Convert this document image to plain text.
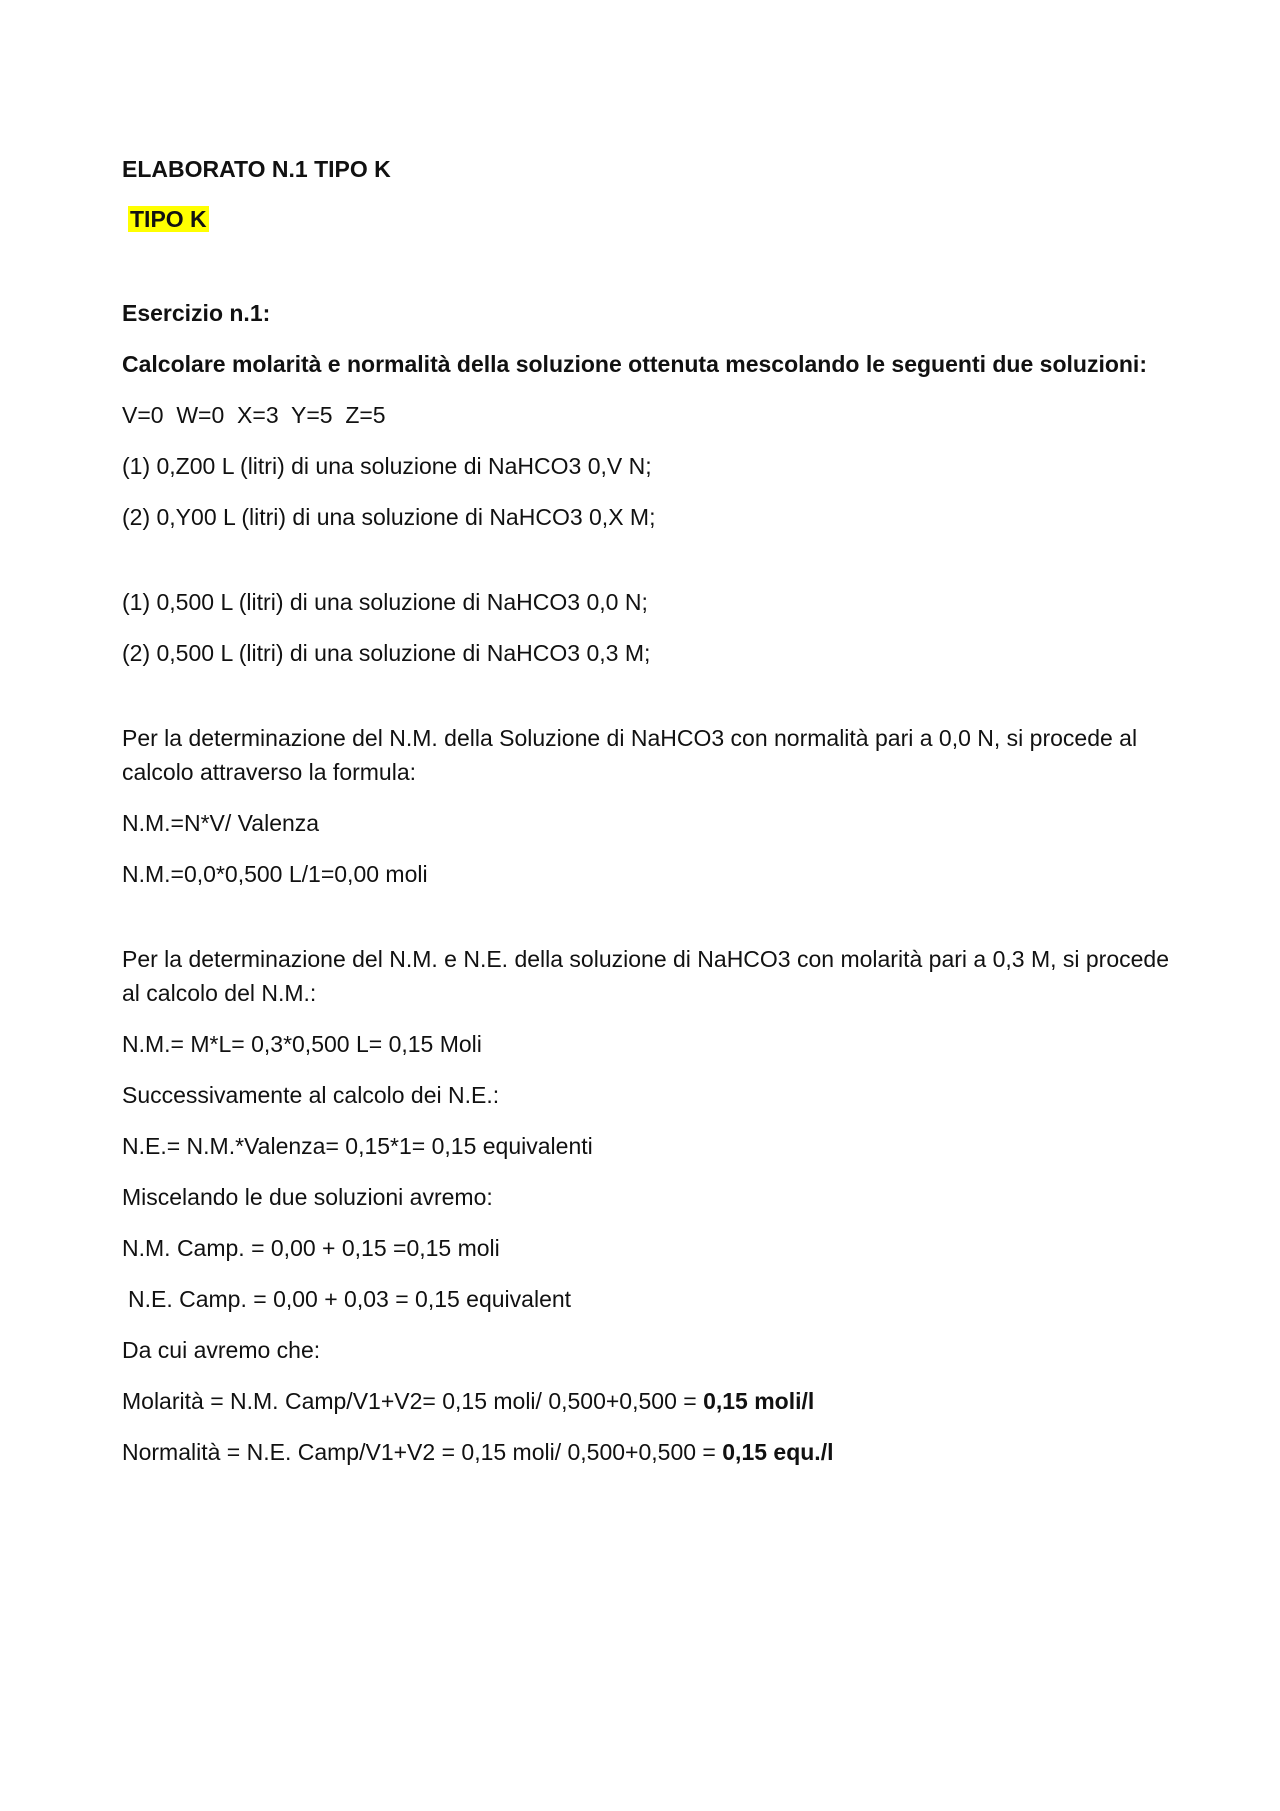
ELABORATO N.1 TIPO K

TIPO K

Esercizio n.1:

Calcolare molarità e normalità della soluzione ottenuta mescolando le seguenti due soluzioni:

V=0  W=0  X=3  Y=5  Z=5

(1) 0,Z00 L (litri) di una soluzione di NaHCO3 0,V N;

(2) 0,Y00 L (litri) di una soluzione di NaHCO3 0,X M;

(1) 0,500 L (litri) di una soluzione di NaHCO3 0,0 N;

(2) 0,500 L (litri) di una soluzione di NaHCO3 0,3 M;

Per la determinazione del N.M. della Soluzione di NaHCO3 con normalità pari a 0,0 N, si procede al calcolo attraverso la formula:

N.M.=N*V/ Valenza

N.M.=0,0*0,500 L/1=0,00 moli

Per la determinazione del N.M. e N.E. della soluzione di NaHCO3 con molarità pari a 0,3 M, si procede al calcolo del N.M.:

N.M.= M*L= 0,3*0,500 L= 0,15 Moli

Successivamente al calcolo dei N.E.:

N.E.= N.M.*Valenza= 0,15*1= 0,15 equivalenti

Miscelando le due soluzioni avremo:

N.M. Camp. = 0,00 + 0,15 =0,15 moli

N.E. Camp. = 0,00 + 0,03 = 0,15 equivalent

Da cui avremo che:

Molarità = N.M. Camp/V1+V2= 0,15 moli/ 0,500+0,500 = 0,15 moli/l

Normalità = N.E. Camp/V1+V2 = 0,15 moli/ 0,500+0,500 = 0,15 equ./l
